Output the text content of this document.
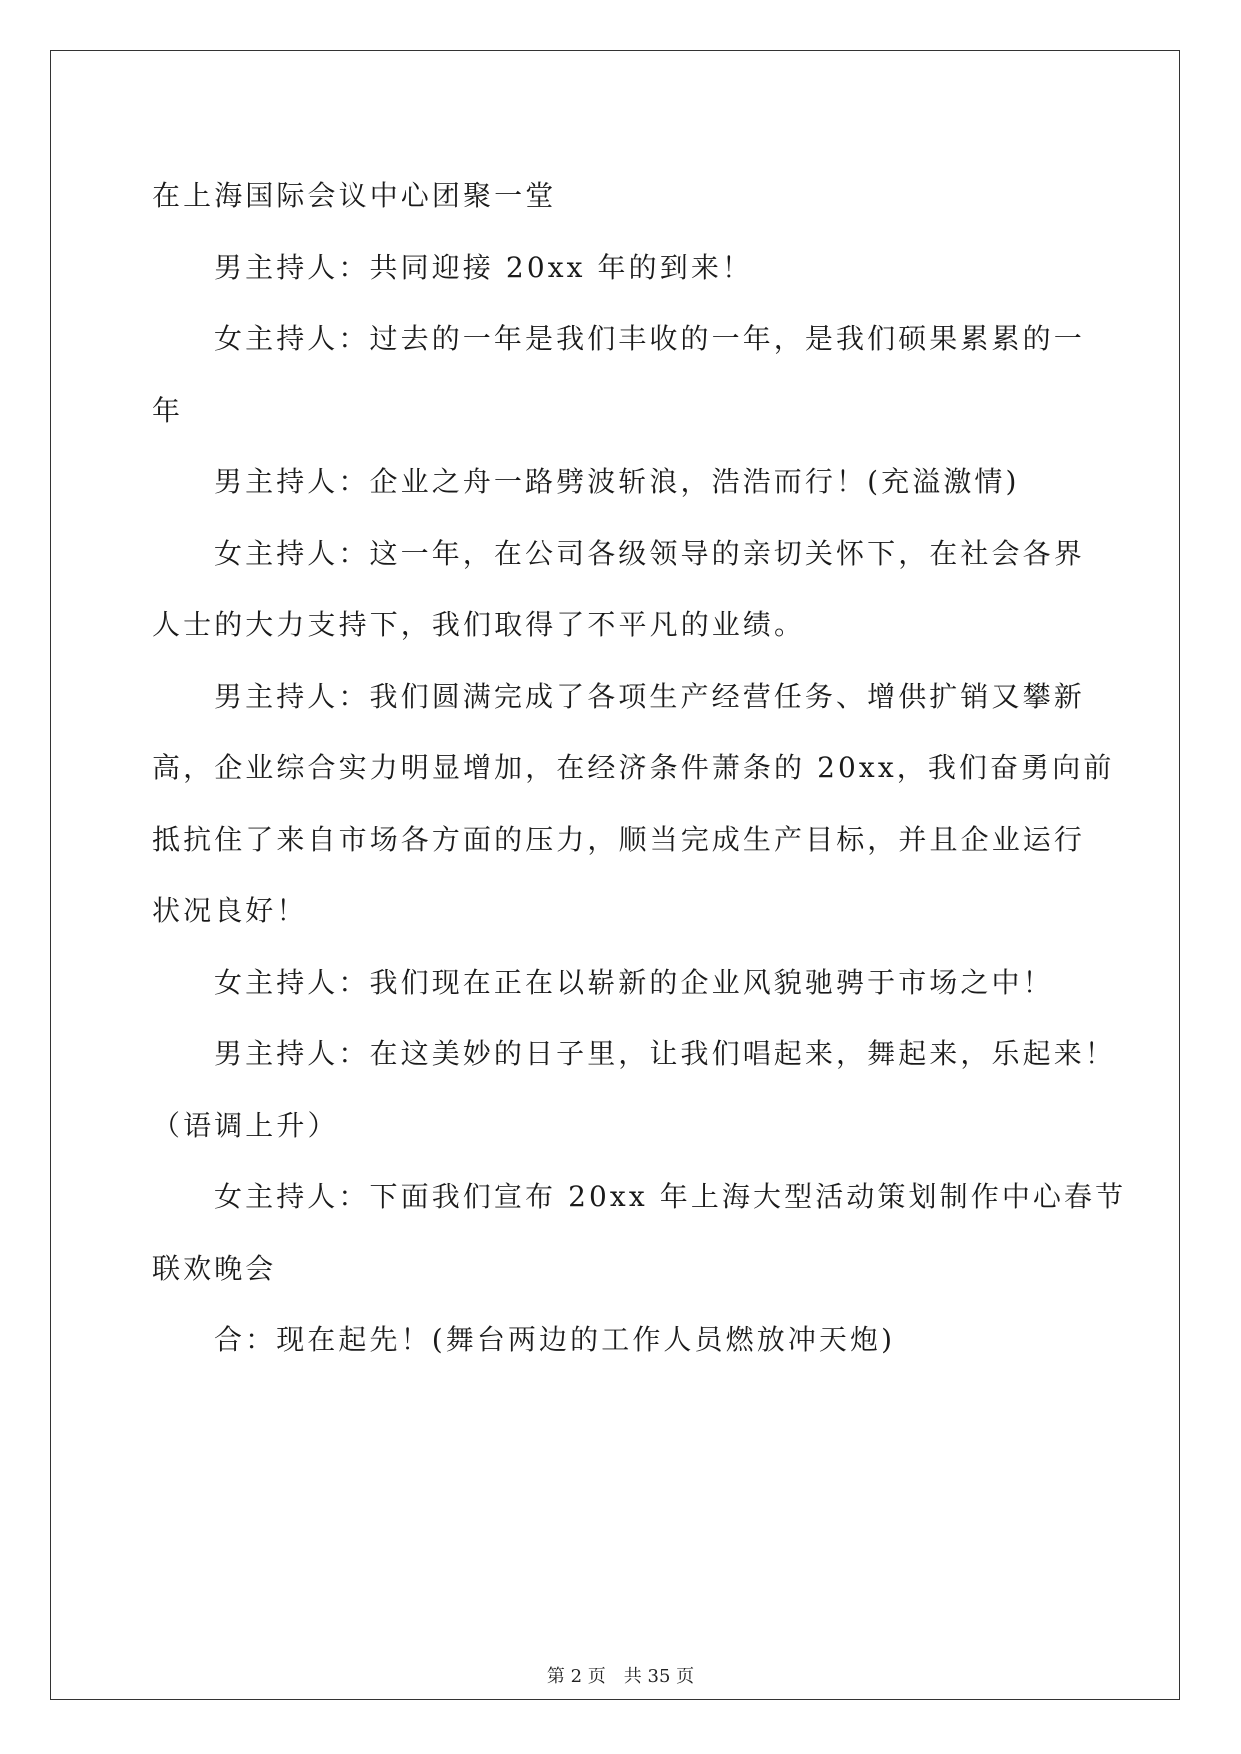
在上海国际会议中心团聚一堂
男主持人：共同迎接 20xx 年的到来！
女主持人：过去的一年是我们丰收的一年，是我们硕果累累的一
年
男主持人：企业之舟一路劈波斩浪，浩浩而行！(充溢激情)
女主持人：这一年，在公司各级领导的亲切关怀下，在社会各界
人士的大力支持下，我们取得了不平凡的业绩。
男主持人：我们圆满完成了各项生产经营任务、增供扩销又攀新
高，企业综合实力明显增加，在经济条件萧条的 20xx，我们奋勇向前
抵抗住了来自市场各方面的压力，顺当完成生产目标，并且企业运行
状况良好！
女主持人：我们现在正在以崭新的企业风貌驰骋于市场之中！
男主持人：在这美妙的日子里，让我们唱起来，舞起来，乐起来！
（语调上升）
女主持人：下面我们宣布 20xx 年上海大型活动策划制作中心春节
联欢晚会
合：现在起先！(舞台两边的工作人员燃放冲天炮)
第 2 页　共 35 页
